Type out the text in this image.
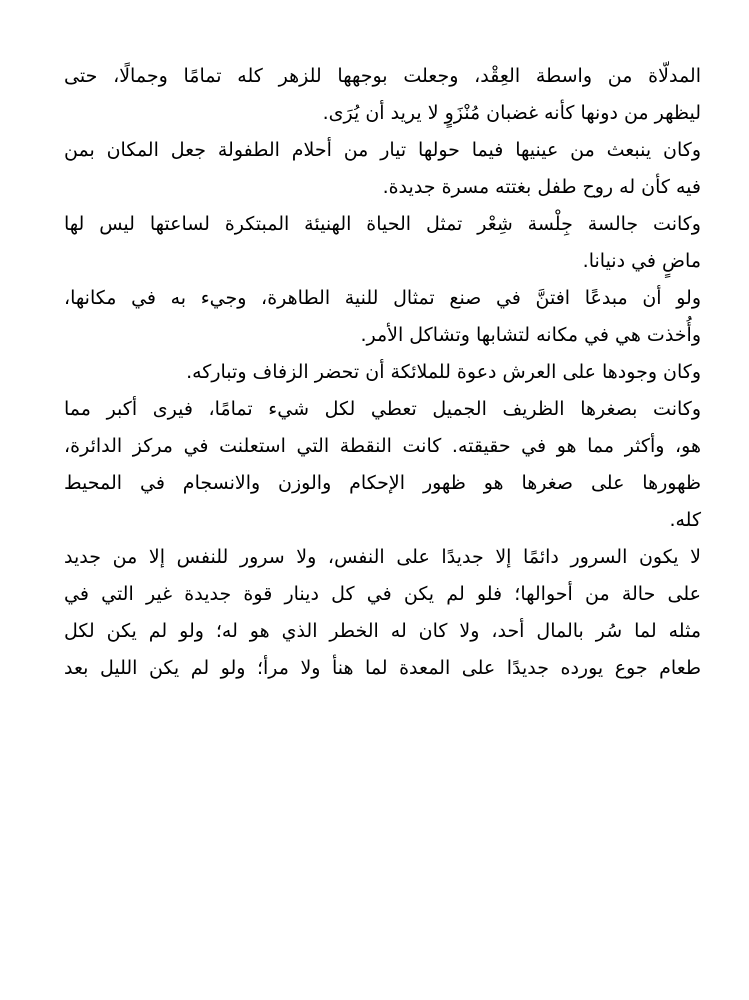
المدلّاة من واسطة العِقْد، وجعلت بوجهها للزهر كله تمامًا وجمالًا، حتى
ليظهر من دونها كأنه غضبان مُنْزَوٍ لا يريد أن يُرَى.
وكان ينبعث من عينيها فيما حولها تيار من أحلام الطفولة جعل المكان بمن
فيه كأن له روح طفل بغتته مسرة جديدة.
وكانت جالسة جِلْسة شِعْر تمثل الحياة الهنيئة المبتكرة لساعتها ليس لها
ماضٍ في دنيانا.
ولو أن مبدعًا افتنَّ في صنع تمثال للنية الطاهرة، وجيء به في مكانها،
وأُخذت هي في مكانه لتشابها وتشاكل الأمر.
وكان وجودها على العرش دعوة للملائكة أن تحضر الزفاف وتباركه.
وكانت بصغرها الظريف الجميل تعطي لكل شيء تمامًا، فيرى أكبر مما
هو، وأكثر مما هو في حقيقته. كانت النقطة التي استعلنت في مركز الدائرة،
ظهورها على صغرها هو ظهور الإحكام والوزن والانسجام في المحيط
كله.
لا يكون السرور دائمًا إلا جديدًا على النفس، ولا سرور للنفس إلا من جديد
على حالة من أحوالها؛ فلو لم يكن في كل دينار قوة جديدة غير التي في
مثله لما سُر بالمال أحد، ولا كان له الخطر الذي هو له؛ ولو لم يكن لكل
طعام جوع يورده جديدًا على المعدة لما هنأ ولا مرأ؛ ولو لم يكن الليل بعد
